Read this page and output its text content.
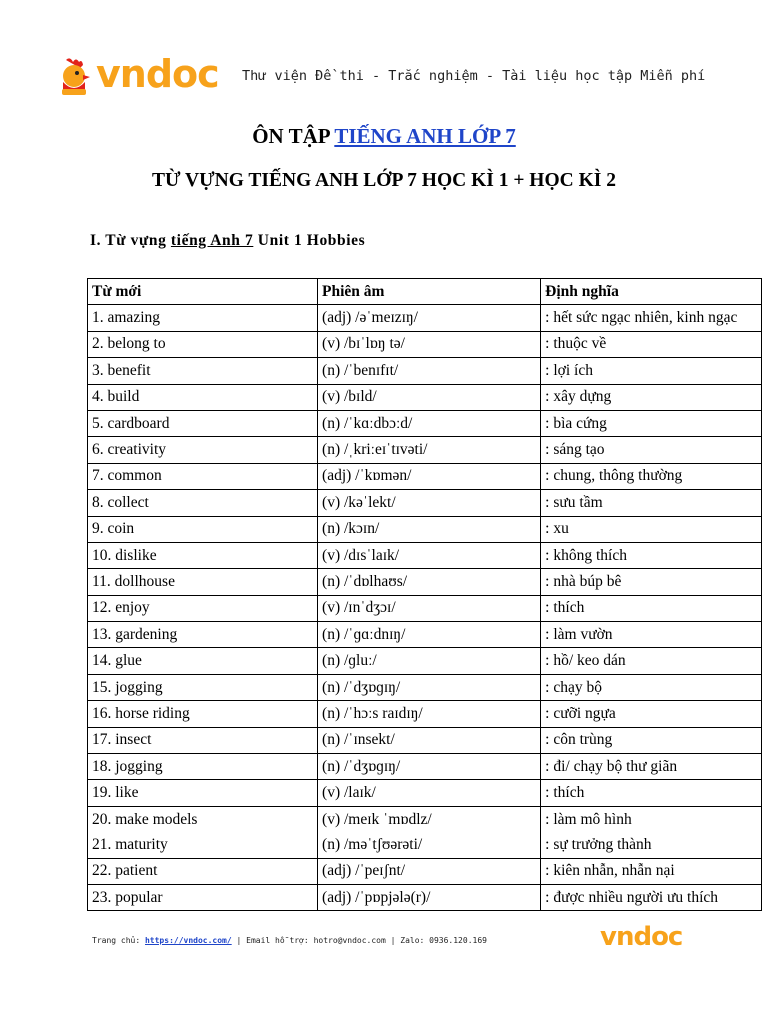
vndoc Thư viện Đề thi - Trắc nghiệm - Tài liệu học tập Miễn phí
ÔN TẬP TIẾNG ANH LỚP 7
TỪ VỰNG TIẾNG ANH LỚP 7 HỌC KÌ 1 + HỌC KÌ 2
I. Từ vựng tiếng Anh 7 Unit 1 Hobbies
Từ mới	Phiên âm	Định nghĩa
1. amazing	(adj) /əˈmeɪzɪŋ/	: hết sức ngạc nhiên, kinh ngạc
2. belong to	(v) /bɪˈlɒŋ tə/	: thuộc về
3. benefit	(n) /ˈbenɪfɪt/	: lợi ích
4. build	(v) /bɪld/	: xây dựng
5. cardboard	(n) /ˈkɑːdbɔːd/	: bìa cứng
6. creativity	(n) /ˌkriːeɪˈtɪvəti/	: sáng tạo
7. common	(adj) /ˈkɒmən/	: chung, thông thường
8. collect	(v) /kəˈlekt/	: sưu tầm
9. coin	(n) /kɔɪn/	: xu
10. dislike	(v) /dɪsˈlaɪk/	: không thích
11. dollhouse	(n) /ˈdɒlhaʊs/	: nhà búp bê
12. enjoy	(v) /ɪnˈdʒɔɪ/	: thích
13. gardening	(n) /ˈɡɑːdnɪŋ/	: làm vườn
14. glue	(n) /ɡluː/	: hồ/ keo dán
15. jogging	(n) /ˈdʒɒɡɪŋ/	: chạy bộ
16. horse riding	(n) /ˈhɔːs raɪdɪŋ/	: cưỡi ngựa
17. insect	(n) /ˈɪnsekt/	: côn trùng
18. jogging	(n) /ˈdʒɒɡɪŋ/	: đi/ chạy bộ thư giãn
19. like	(v) /laɪk/	: thích
20. make models	(v) /meɪk ˈmɒdlz/	: làm mô hình
21. maturity	(n) /məˈtʃʊərəti/	: sự trưởng thành
22. patient	(adj) /ˈpeɪʃnt/	: kiên nhẫn, nhẫn nại
23. popular	(adj) /ˈpɒpjələ(r)/	: được nhiều người ưu thích
Trang chủ: https://vndoc.com/ | Email hỗ trợ: hotro@vndoc.com | Zalo: 0936.120.169	vndoc
